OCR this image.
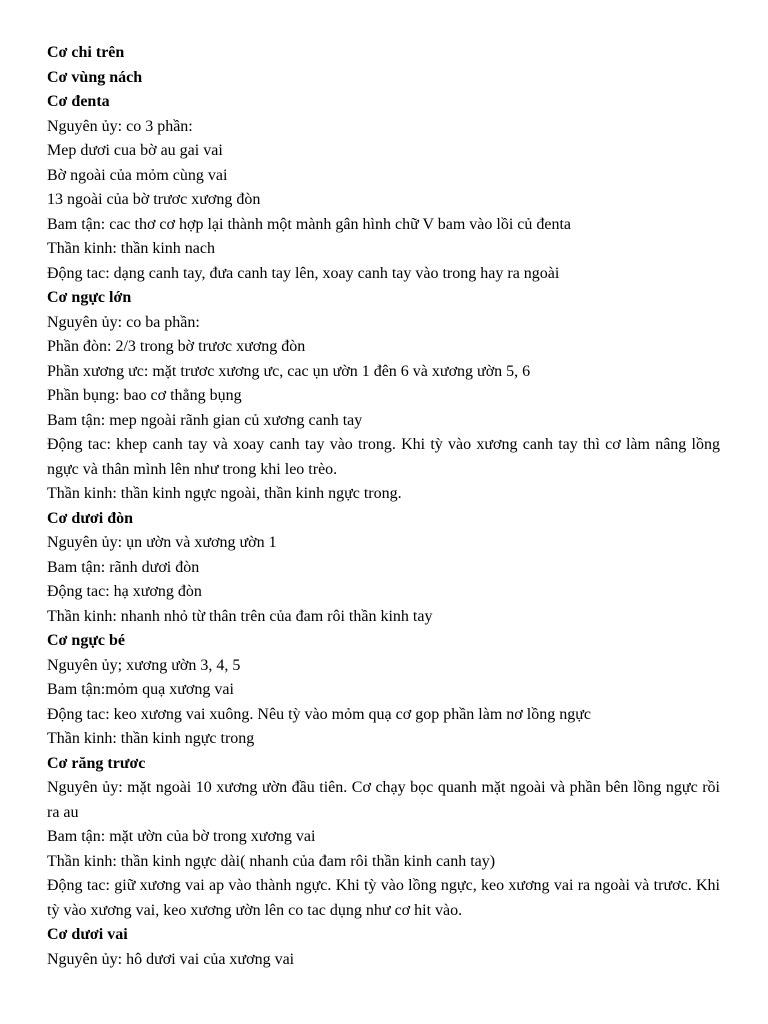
Cơ chi trên

Cơ vùng nách

Cơ đenta

Nguyên ủy: co 3 phần:

Mep dươi cua bờ au gai vai

Bờ ngoài của mỏm cùng vai

13 ngoài của bờ trươc xương đòn

Bam tận: cac thơ cơ hợp lại thành một mành gân hình chữ V bam vào lồi củ đenta

Thần kinh: thần kinh nach

Động tac: dạng canh tay, đưa canh tay lên, xoay canh tay vào trong hay ra ngoài

Cơ ngực lớn

Nguyên ủy: co ba phần:

Phần đòn: 2/3 trong bờ trươc xương đòn

Phần xương ưc: mặt trươc xương ưc, cac ụn ườn 1 đên 6 và xương ườn 5, 6

Phần bụng: bao cơ thẳng bụng

Bam tận: mep ngoài rãnh gian củ xương canh tay

Động tac: khep canh tay và xoay canh tay vào trong. Khi tỳ vào xương canh tay thì cơ làm nâng lồng ngực và thân mình lên như trong khi leo trèo.

Thần kinh: thần kinh ngực ngoài, thần kinh ngực trong.

Cơ dươi đòn

Nguyên ủy: ụn ườn và xương ườn 1

Bam tận: rãnh dươi đòn

Động tac: hạ xương đòn

Thần kinh: nhanh nhỏ từ thân trên của đam rôi thần kinh tay

Cơ ngực bé

Nguyên ủy; xương ườn 3, 4, 5

Bam tận:mỏm quạ xương vai

Động tac: keo xương vai xuông. Nêu tỳ vào mỏm quạ cơ gop phần làm nơ lồng ngực

Thần kinh: thần kinh ngực trong

Cơ răng trươc

Nguyên ủy: mặt ngoài 10 xương ườn đầu tiên. Cơ chạy bọc quanh mặt ngoài và phần bên lồng ngực rồi ra au

Bam tận: mặt ườn của bờ trong xương vai

Thần kinh: thần kinh ngực dài( nhanh của đam rôi thần kinh canh tay)

Động tac: giữ xương vai ap vào thành ngực. Khi tỳ vào lồng ngực, keo xương vai ra ngoài và trươc. Khi tỳ vào xương vai, keo xương ườn lên co tac dụng như cơ hit vào.

Cơ dươi vai

Nguyên ủy: hô dươi vai của xương vai
